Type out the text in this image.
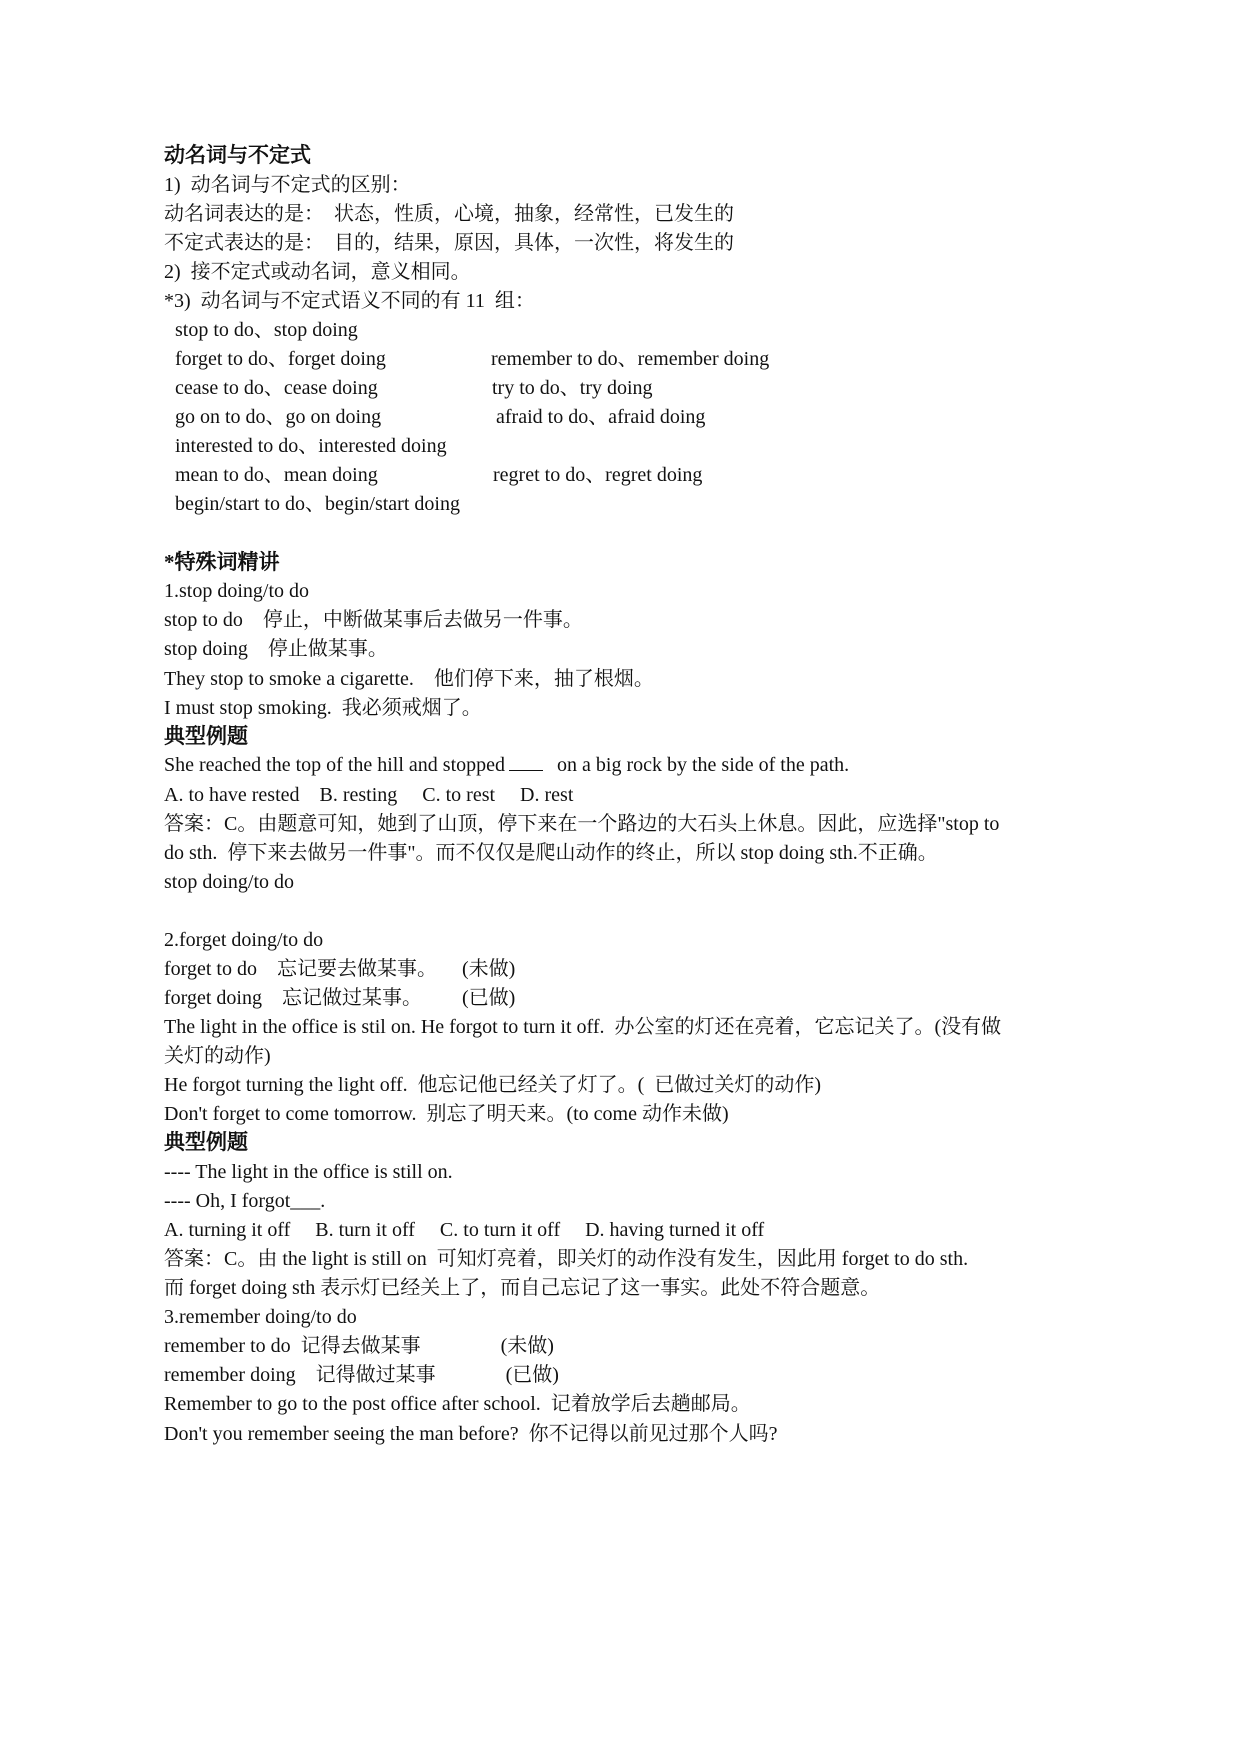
动名词与不定式
1)  动名词与不定式的区别：
动名词表达的是：  状态，性质，心境，抽象，经常性，已发生的
不定式表达的是：  目的，结果，原因，具体，一次性，将发生的
2)  接不定式或动名词，意义相同。
*3)  动名词与不定式语义不同的有 11  组：
stop to do、stop doing
forget to do、forget doing	remember to do、remember doing
cease to do、cease doing	try to do、try doing
go on to do、go on doing	afraid to do、afraid doing
interested to do、interested doing
mean to do、mean doing	regret to do、regret doing
begin/start to do、begin/start doing
*特殊词精讲
1.stop doing/to do
stop to do    停止，中断做某事后去做另一件事。
stop doing    停止做某事。
They stop to smoke a cigarette.    他们停下来，抽了根烟。
I must stop smoking.  我必须戒烟了。
典型例题
She reached the top of the hill and stopped	on a big rock by the side of the path.
A. to have rested    B. resting     C. to rest     D. rest
答案：C。由题意可知，她到了山顶，停下来在一个路边的大石头上休息。因此，应选择"stop to
do sth.  停下来去做另一件事"。而不仅仅是爬山动作的终止，所以 stop doing sth.不正确。
stop doing/to do
2.forget doing/to do
forget to do    忘记要去做某事。     (未做)
forget doing    忘记做过某事。        (已做)
The light in the office is stil on. He forgot to turn it off.  办公室的灯还在亮着，它忘记关了。(没有做
关灯的动作)
He forgot turning the light off.  他忘记他已经关了灯了。(  已做过关灯的动作)
Don't forget to come tomorrow.  别忘了明天来。(to come 动作未做)
典型例题
---- The light in the office is still on.
---- Oh, I forgot___.
A. turning it off     B. turn it off     C. to turn it off     D. having turned it off
答案：C。由 the light is still on  可知灯亮着，即关灯的动作没有发生，因此用 forget to do sth.
而 forget doing sth 表示灯已经关上了，而自己忘记了这一事实。此处不符合题意。
3.remember doing/to do
remember to do  记得去做某事                (未做)
remember doing    记得做过某事              (已做)
Remember to go to the post office after school.  记着放学后去趟邮局。
Don't you remember seeing the man before?  你不记得以前见过那个人吗?
